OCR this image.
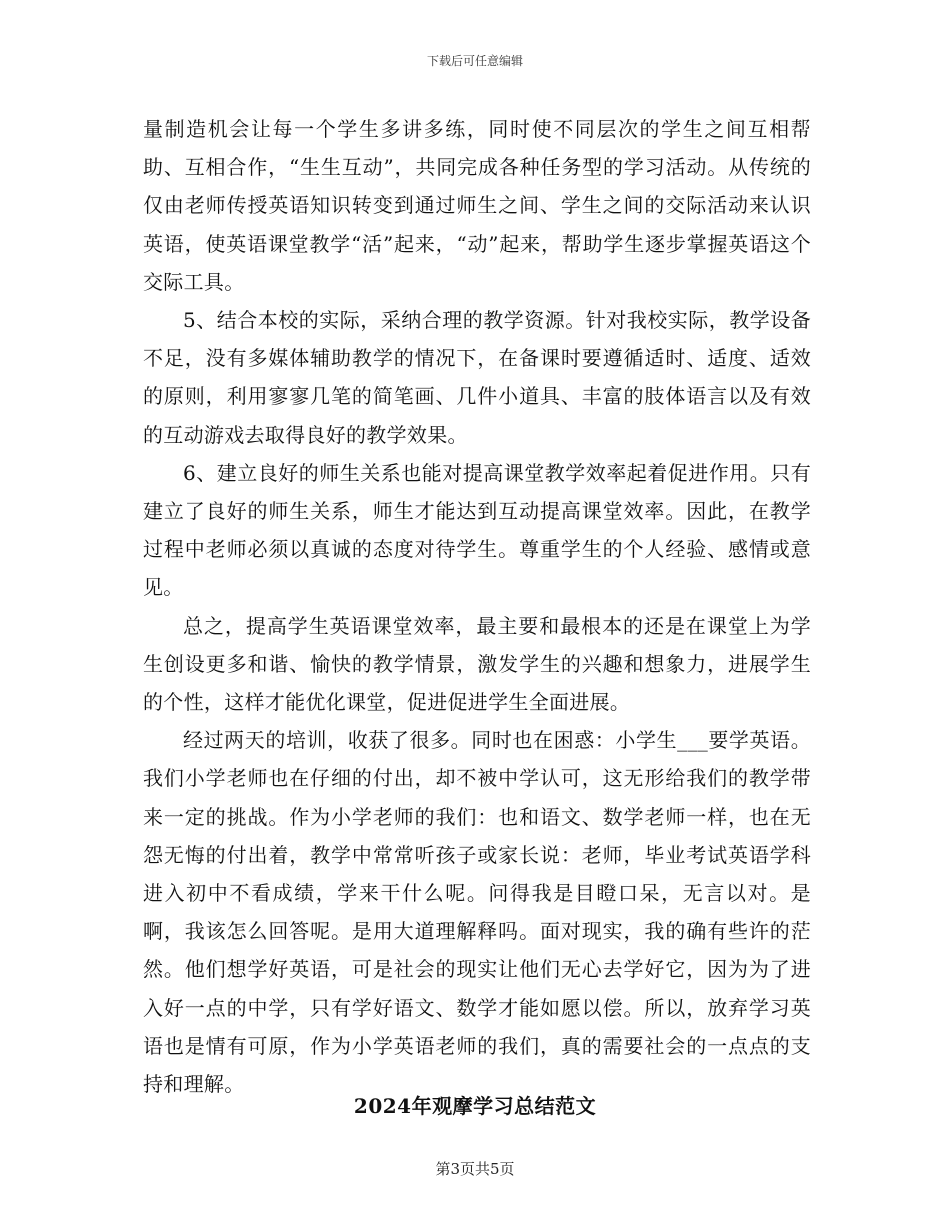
下载后可任意编辑

量制造机会让每一个学生多讲多练，同时使不同层次的学生之间互相帮助、互相合作，“生生互动”，共同完成各种任务型的学习活动。从传统的仅由老师传授英语知识转变到通过师生之间、学生之间的交际活动来认识英语，使英语课堂教学“活”起来，“动”起来，帮助学生逐步掌握英语这个交际工具。

5、结合本校的实际，采纳合理的教学资源。针对我校实际，教学设备不足，没有多媒体辅助教学的情况下，在备课时要遵循适时、适度、适效的原则，利用寥寥几笔的简笔画、几件小道具、丰富的肢体语言以及有效的互动游戏去取得良好的教学效果。

6、建立良好的师生关系也能对提高课堂教学效率起着促进作用。只有建立了良好的师生关系，师生才能达到互动提高课堂效率。因此，在教学过程中老师必须以真诚的态度对待学生。尊重学生的个人经验、感情或意见。

总之，提高学生英语课堂效率，最主要和最根本的还是在课堂上为学生创设更多和谐、愉快的教学情景，激发学生的兴趣和想象力，进展学生的个性，这样才能优化课堂，促进促进学生全面进展。

经过两天的培训，收获了很多。同时也在困惑：小学生___要学英语。我们小学老师也在仔细的付出，却不被中学认可，这无形给我们的教学带来一定的挑战。作为小学老师的我们：也和语文、数学老师一样，也在无怨无悔的付出着，教学中常常听孩子或家长说：老师，毕业考试英语学科进入初中不看成绩，学来干什么呢。问得我是目瞪口呆，无言以对。是啊，我该怎么回答呢。是用大道理解释吗。面对现实，我的确有些许的茫然。他们想学好英语，可是社会的现实让他们无心去学好它，因为为了进入好一点的中学，只有学好语文、数学才能如愿以偿。所以，放弃学习英语也是情有可原，作为小学英语老师的我们，真的需要社会的一点点的支持和理解。

2024年观摩学习总结范文
第3页共5页
